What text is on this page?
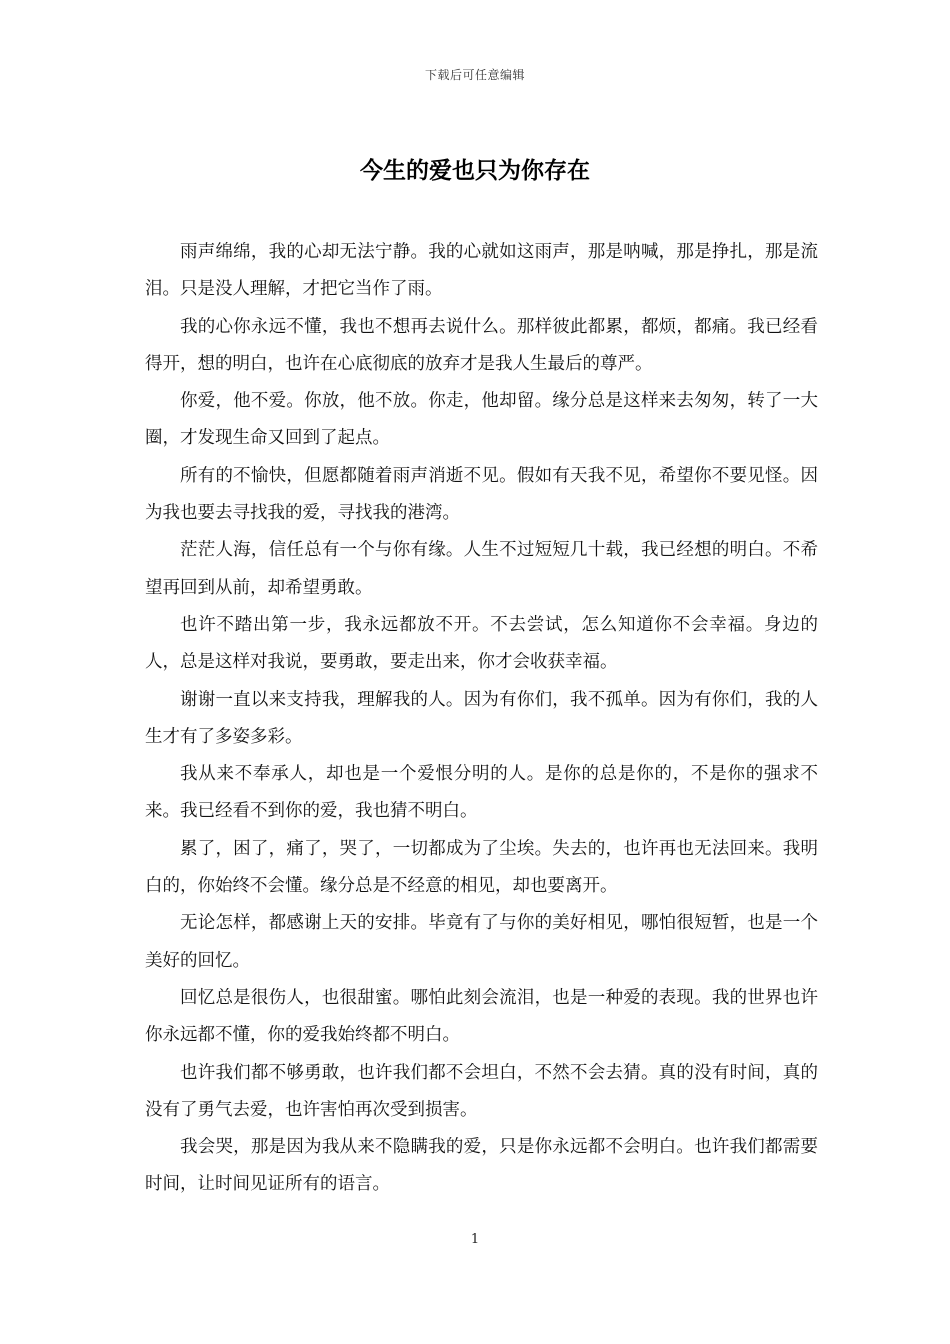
下载后可任意编辑
今生的爱也只为你存在

雨声绵绵，我的心却无法宁静。我的心就如这雨声，那是呐喊，那是挣扎，那是流泪。只是没人理解，才把它当作了雨。

我的心你永远不懂，我也不想再去说什么。那样彼此都累，都烦，都痛。我已经看得开，想的明白，也许在心底彻底的放弃才是我人生最后的尊严。

你爱，他不爱。你放，他不放。你走，他却留。缘分总是这样来去匆匆，转了一大圈，才发现生命又回到了起点。

所有的不愉快，但愿都随着雨声消逝不见。假如有天我不见，希望你不要见怪。因为我也要去寻找我的爱，寻找我的港湾。

茫茫人海，信任总有一个与你有缘。人生不过短短几十载，我已经想的明白。不希望再回到从前，却希望勇敢。

也许不踏出第一步，我永远都放不开。不去尝试，怎么知道你不会幸福。身边的人，总是这样对我说，要勇敢，要走出来，你才会收获幸福。

谢谢一直以来支持我，理解我的人。因为有你们，我不孤单。因为有你们，我的人生才有了多姿多彩。

我从来不奉承人，却也是一个爱恨分明的人。是你的总是你的，不是你的强求不来。我已经看不到你的爱，我也猜不明白。

累了，困了，痛了，哭了，一切都成为了尘埃。失去的，也许再也无法回来。我明白的，你始终不会懂。缘分总是不经意的相见，却也要离开。

无论怎样，都感谢上天的安排。毕竟有了与你的美好相见，哪怕很短暂，也是一个美好的回忆。

回忆总是很伤人，也很甜蜜。哪怕此刻会流泪，也是一种爱的表现。我的世界也许你永远都不懂，你的爱我始终都不明白。

也许我们都不够勇敢，也许我们都不会坦白，不然不会去猜。真的没有时间，真的没有了勇气去爱，也许害怕再次受到损害。

我会哭，那是因为我从来不隐瞒我的爱，只是你永远都不会明白。也许我们都需要时间，让时间见证所有的语言。

1
